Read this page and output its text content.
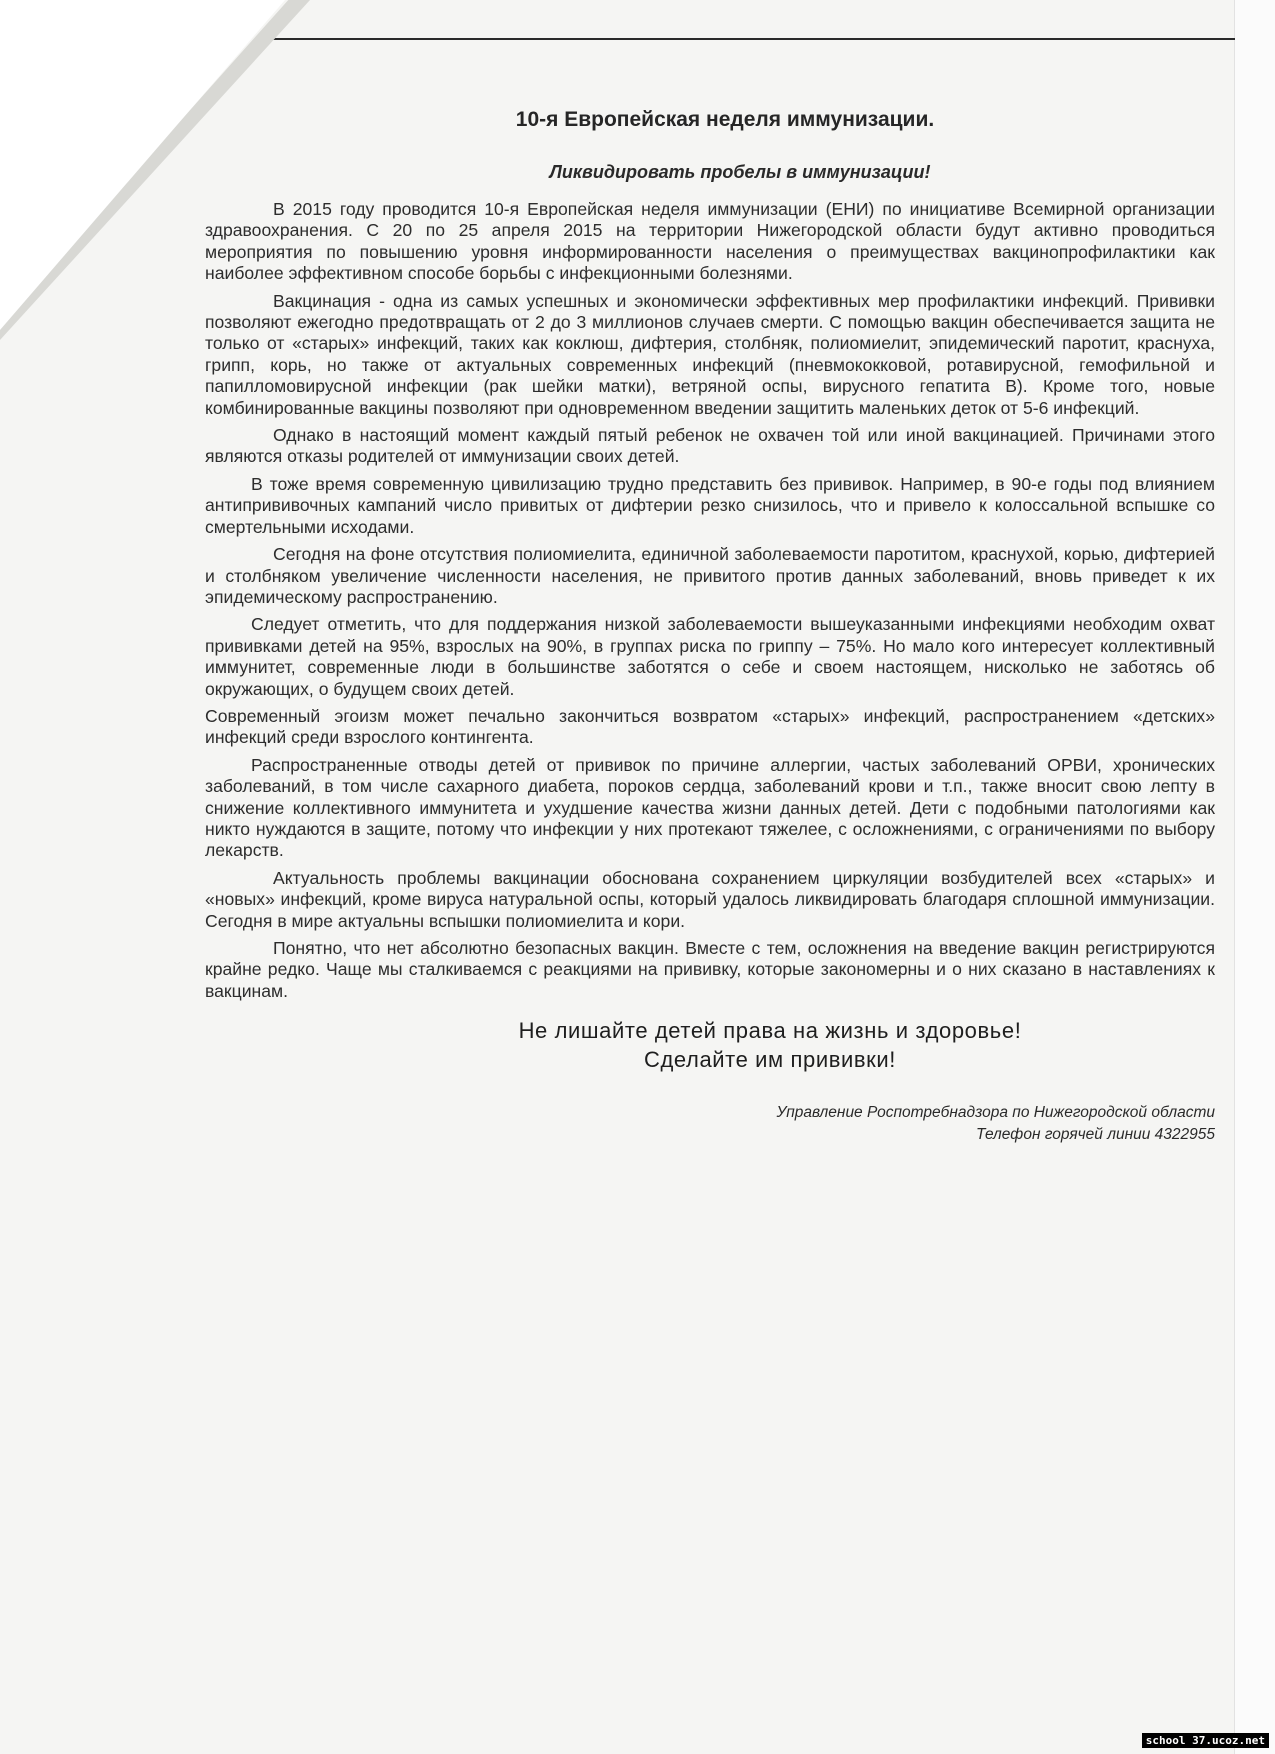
10-я Европейская неделя иммунизации.
Ликвидировать пробелы в иммунизации!

В 2015 году проводится 10-я Европейская неделя иммунизации (ЕНИ) по инициативе Всемирной организации здравоохранения. С 20 по 25 апреля 2015 на территории Нижегородской области будут активно проводиться мероприятия по повышению уровня информированности населения о преимуществах вакцинопрофилактики как наиболее эффективном способе борьбы с инфекционными болезнями.

Вакцинация - одна из самых успешных и экономически эффективных мер профилактики инфекций. Прививки позволяют ежегодно предотвращать от 2 до 3 миллионов случаев смерти. С помощью вакцин обеспечивается защита не только от «старых» инфекций, таких как коклюш, дифтерия, столбняк, полиомиелит, эпидемический паротит, краснуха, грипп, корь, но также от актуальных современных инфекций (пневмококковой, ротавирусной, гемофильной и папилломовирусной инфекции (рак шейки матки), ветряной оспы, вирусного гепатита В). Кроме того, новые комбинированные вакцины позволяют при одновременном введении защитить маленьких деток от 5-6 инфекций.

Однако в настоящий момент каждый пятый ребенок не охвачен той или иной вакцинацией. Причинами этого являются отказы родителей от иммунизации своих детей.

В тоже время современную цивилизацию трудно представить без прививок. Например, в 90-е годы под влиянием антипрививочных кампаний число привитых от дифтерии резко снизилось, что и привело к колоссальной вспышке со смертельными исходами.

Сегодня на фоне отсутствия полиомиелита, единичной заболеваемости паротитом, краснухой, корью, дифтерией и столбняком увеличение численности населения, не привитого против данных заболеваний, вновь приведет к их эпидемическому распространению.

Следует отметить, что для поддержания низкой заболеваемости вышеуказанными инфекциями необходим охват прививками детей на 95%, взрослых на 90%, в группах риска по гриппу – 75%. Но мало кого интересует коллективный иммунитет, современные люди в большинстве заботятся о себе и своем настоящем, нисколько не заботясь об окружающих, о будущем своих детей.

Современный эгоизм может печально закончиться возвратом «старых» инфекций, распространением «детских» инфекций среди взрослого контингента.

Распространенные отводы детей от прививок по причине аллергии, частых заболеваний ОРВИ, хронических заболеваний, в том числе сахарного диабета, пороков сердца, заболеваний крови и т.п., также вносит свою лепту в снижение коллективного иммунитета и ухудшение качества жизни данных детей. Дети с подобными патологиями как никто нуждаются в защите, потому что инфекции у них протекают тяжелее, с осложнениями, с ограничениями по выбору лекарств.

Актуальность проблемы вакцинации обоснована сохранением циркуляции возбудителей всех «старых» и «новых» инфекций, кроме вируса натуральной оспы, который удалось ликвидировать благодаря сплошной иммунизации. Сегодня в мире актуальны вспышки полиомиелита и кори.

Понятно, что нет абсолютно безопасных вакцин. Вместе с тем, осложнения на введение вакцин регистрируются крайне редко. Чаще мы сталкиваемся с реакциями на прививку, которые закономерны и о них сказано в наставлениях к вакцинам.

Не лишайте детей права на жизнь и здоровье!
Сделайте им прививки!
Управление Роспотребнадзора по Нижегородской области
Телефон горячей линии 4322955
school 37.ucoz.net
